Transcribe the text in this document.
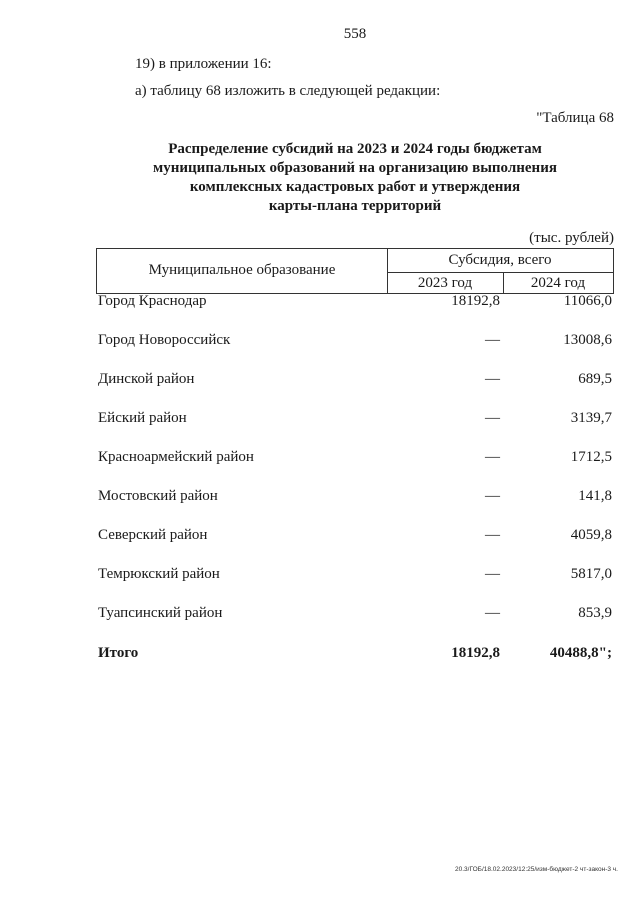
558
19) в приложении 16:
а) таблицу 68 изложить в следующей редакции:
"Таблица 68
Распределение субсидий на 2023 и 2024 годы бюджетам
муниципальных образований на организацию выполнения
комплексных кадастровых работ и утверждения
карты-плана территорий
(тыс. рублей)
Муниципальное образование
Субсидия, всего
2023 год	2024 год
Город Краснодар	18192,8	11066,0
Город Новороссийск	—	13008,6
Динской район	—	689,5
Ейский район	—	3139,7
Красноармейский район	—	1712,5
Мостовский район	—	141,8
Северский район	—	4059,8
Темрюкский район	—	5817,0
Туапсинский район	—	853,9
Итого	18192,8	40488,8";
20.3/ГОБ/18.02.2023/12:25/изм-бюджет-2 чт-закон-3 ч.
